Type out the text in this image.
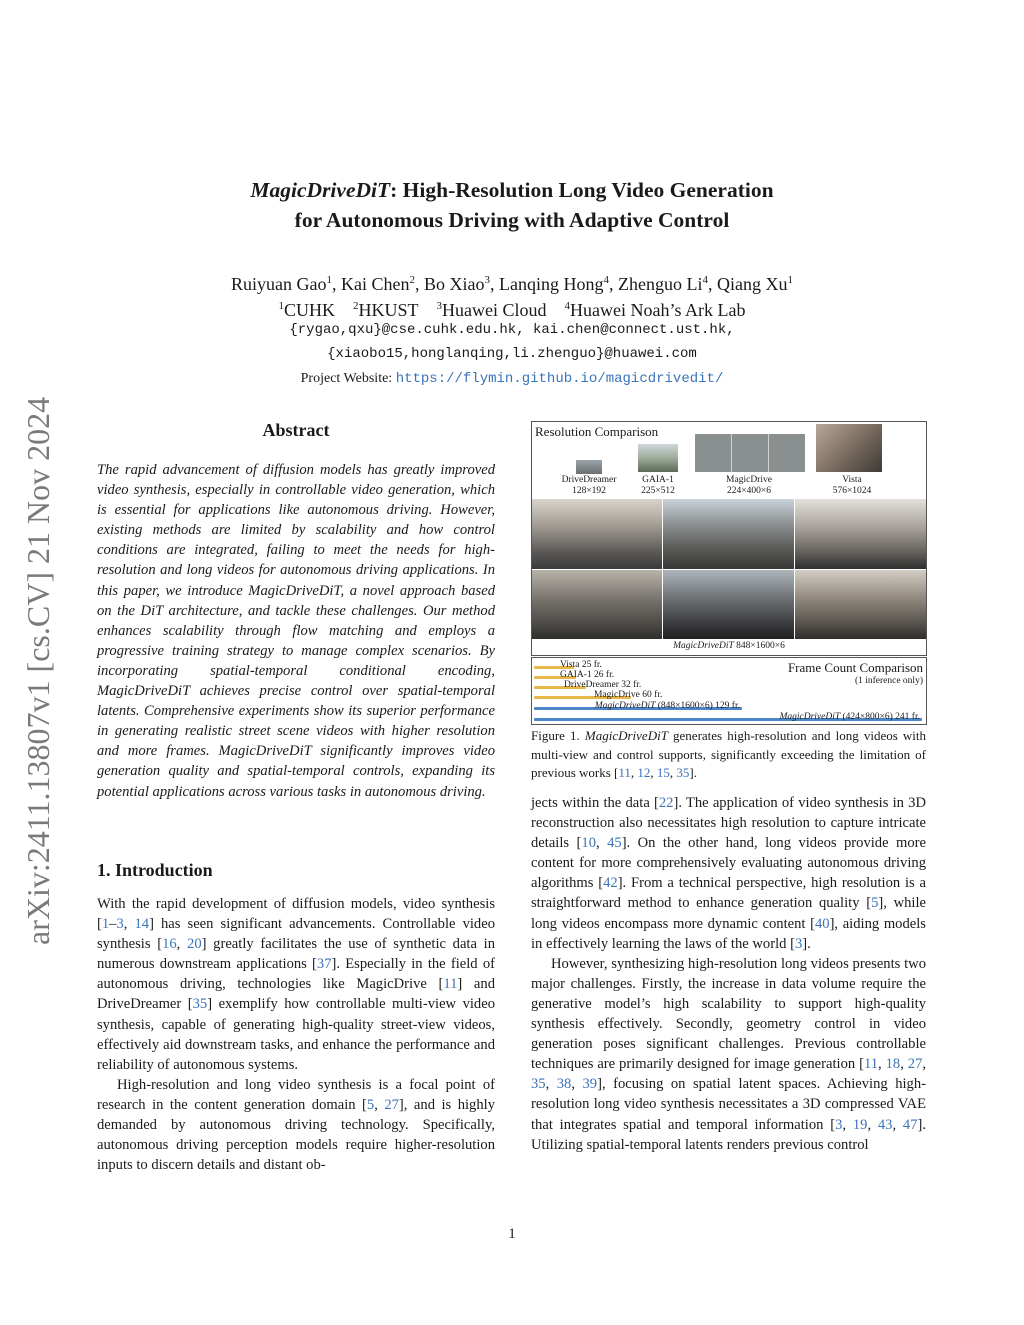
arXiv:2411.13807v1 [cs.CV] 21 Nov 2024
MagicDriveDiT: High-Resolution Long Video Generation
for Autonomous Driving with Adaptive Control
Ruiyuan Gao$^1$, Kai Chen$^2$, Bo Xiao$^3$, Lanqing Hong$^4$, Zhenguo Li$^4$, Qiang Xu$^1$
$^1$CUHK  $^2$HKUST  $^3$Huawei Cloud  $^4$Huawei Noah’s Ark Lab
{rygao,qxu}@cse.cuhk.edu.hk, kai.chen@connect.ust.hk,
{xiaobo15,honglanqing,li.zhenguo}@huawei.com
Project Website: https://flymin.github.io/magicdrivedit/
Abstract
The rapid advancement of diffusion models has greatly improved video synthesis, especially in controllable video generation, which is essential for applications like autonomous driving. However, existing methods are limited by scalability and how control conditions are integrated, failing to meet the needs for high-resolution and long videos for autonomous driving applications. In this paper, we introduce MagicDriveDiT, a novel approach based on the DiT architecture, and tackle these challenges. Our method enhances scalability through flow matching and employs a progressive training strategy to manage complex scenarios. By incorporating spatial-temporal conditional encoding, MagicDriveDiT achieves precise control over spatial-temporal latents. Comprehensive experiments show its superior performance in generating realistic street scene videos with higher resolution and more frames. MagicDriveDiT significantly improves video generation quality and spatial-temporal controls, expanding its potential applications across various tasks in autonomous driving.
1. Introduction

With the rapid development of diffusion models, video synthesis [1–3, 14] has seen significant advancements. Controllable video synthesis [16, 20] greatly facilitates the use of synthetic data in numerous downstream applications [37]. Especially in the field of autonomous driving, technologies like MagicDrive [11] and DriveDreamer [35] exemplify how controllable multi-view video synthesis, capable of generating high-quality street-view videos, effectively aid downstream tasks, and enhance the performance and reliability of autonomous systems.

High-resolution and long video synthesis is a focal point of research in the content generation domain [5, 27], and is highly demanded by autonomous driving technology. Specifically, autonomous driving perception models require higher-resolution inputs to discern details and distant ob-

jects within the data [22]. The application of video synthesis in 3D reconstruction also necessitates high resolution to capture intricate details [10, 45]. On the other hand, long videos provide more content for more comprehensively evaluating autonomous driving algorithms [42]. From a technical perspective, high resolution is a straightforward method to enhance generation quality [5], while long videos encompass more dynamic content [40], aiding models in effectively learning the laws of the world [3].

However, synthesizing high-resolution long videos presents two major challenges. Firstly, the increase in data volume require the generative model’s high scalability to support high-quality synthesis effectively. Secondly, geometry control in video generation poses significant challenges. Previous controllable techniques are primarily designed for image generation [11, 18, 27, 35, 38, 39], focusing on spatial latent spaces. Achieving high-resolution long video synthesis necessitates a 3D compressed VAE that integrates spatial and temporal information [3, 19, 43, 47]. Utilizing spatial-temporal latents renders previous control

Resolution Comparison
DriveDreamer
128×192
GAIA-1
225×512
MagicDrive
224×400×6
Vista
576×1024
MagicDriveDiT 848×1600×6
Frame Count Comparison
(1 inference only)
Vista 25 fr.
GAIA-1 26 fr.
DriveDreamer 32 fr.
MagicDrive 60 fr.
MagicDriveDiT (848×1600×6) 129 fr.
MagicDriveDiT (424×800×6) 241 fr.
Figure 1. MagicDriveDiT generates high-resolution and long videos with multi-view and control supports, significantly exceeding the limitation of previous works [11, 12, 15, 35].
1
